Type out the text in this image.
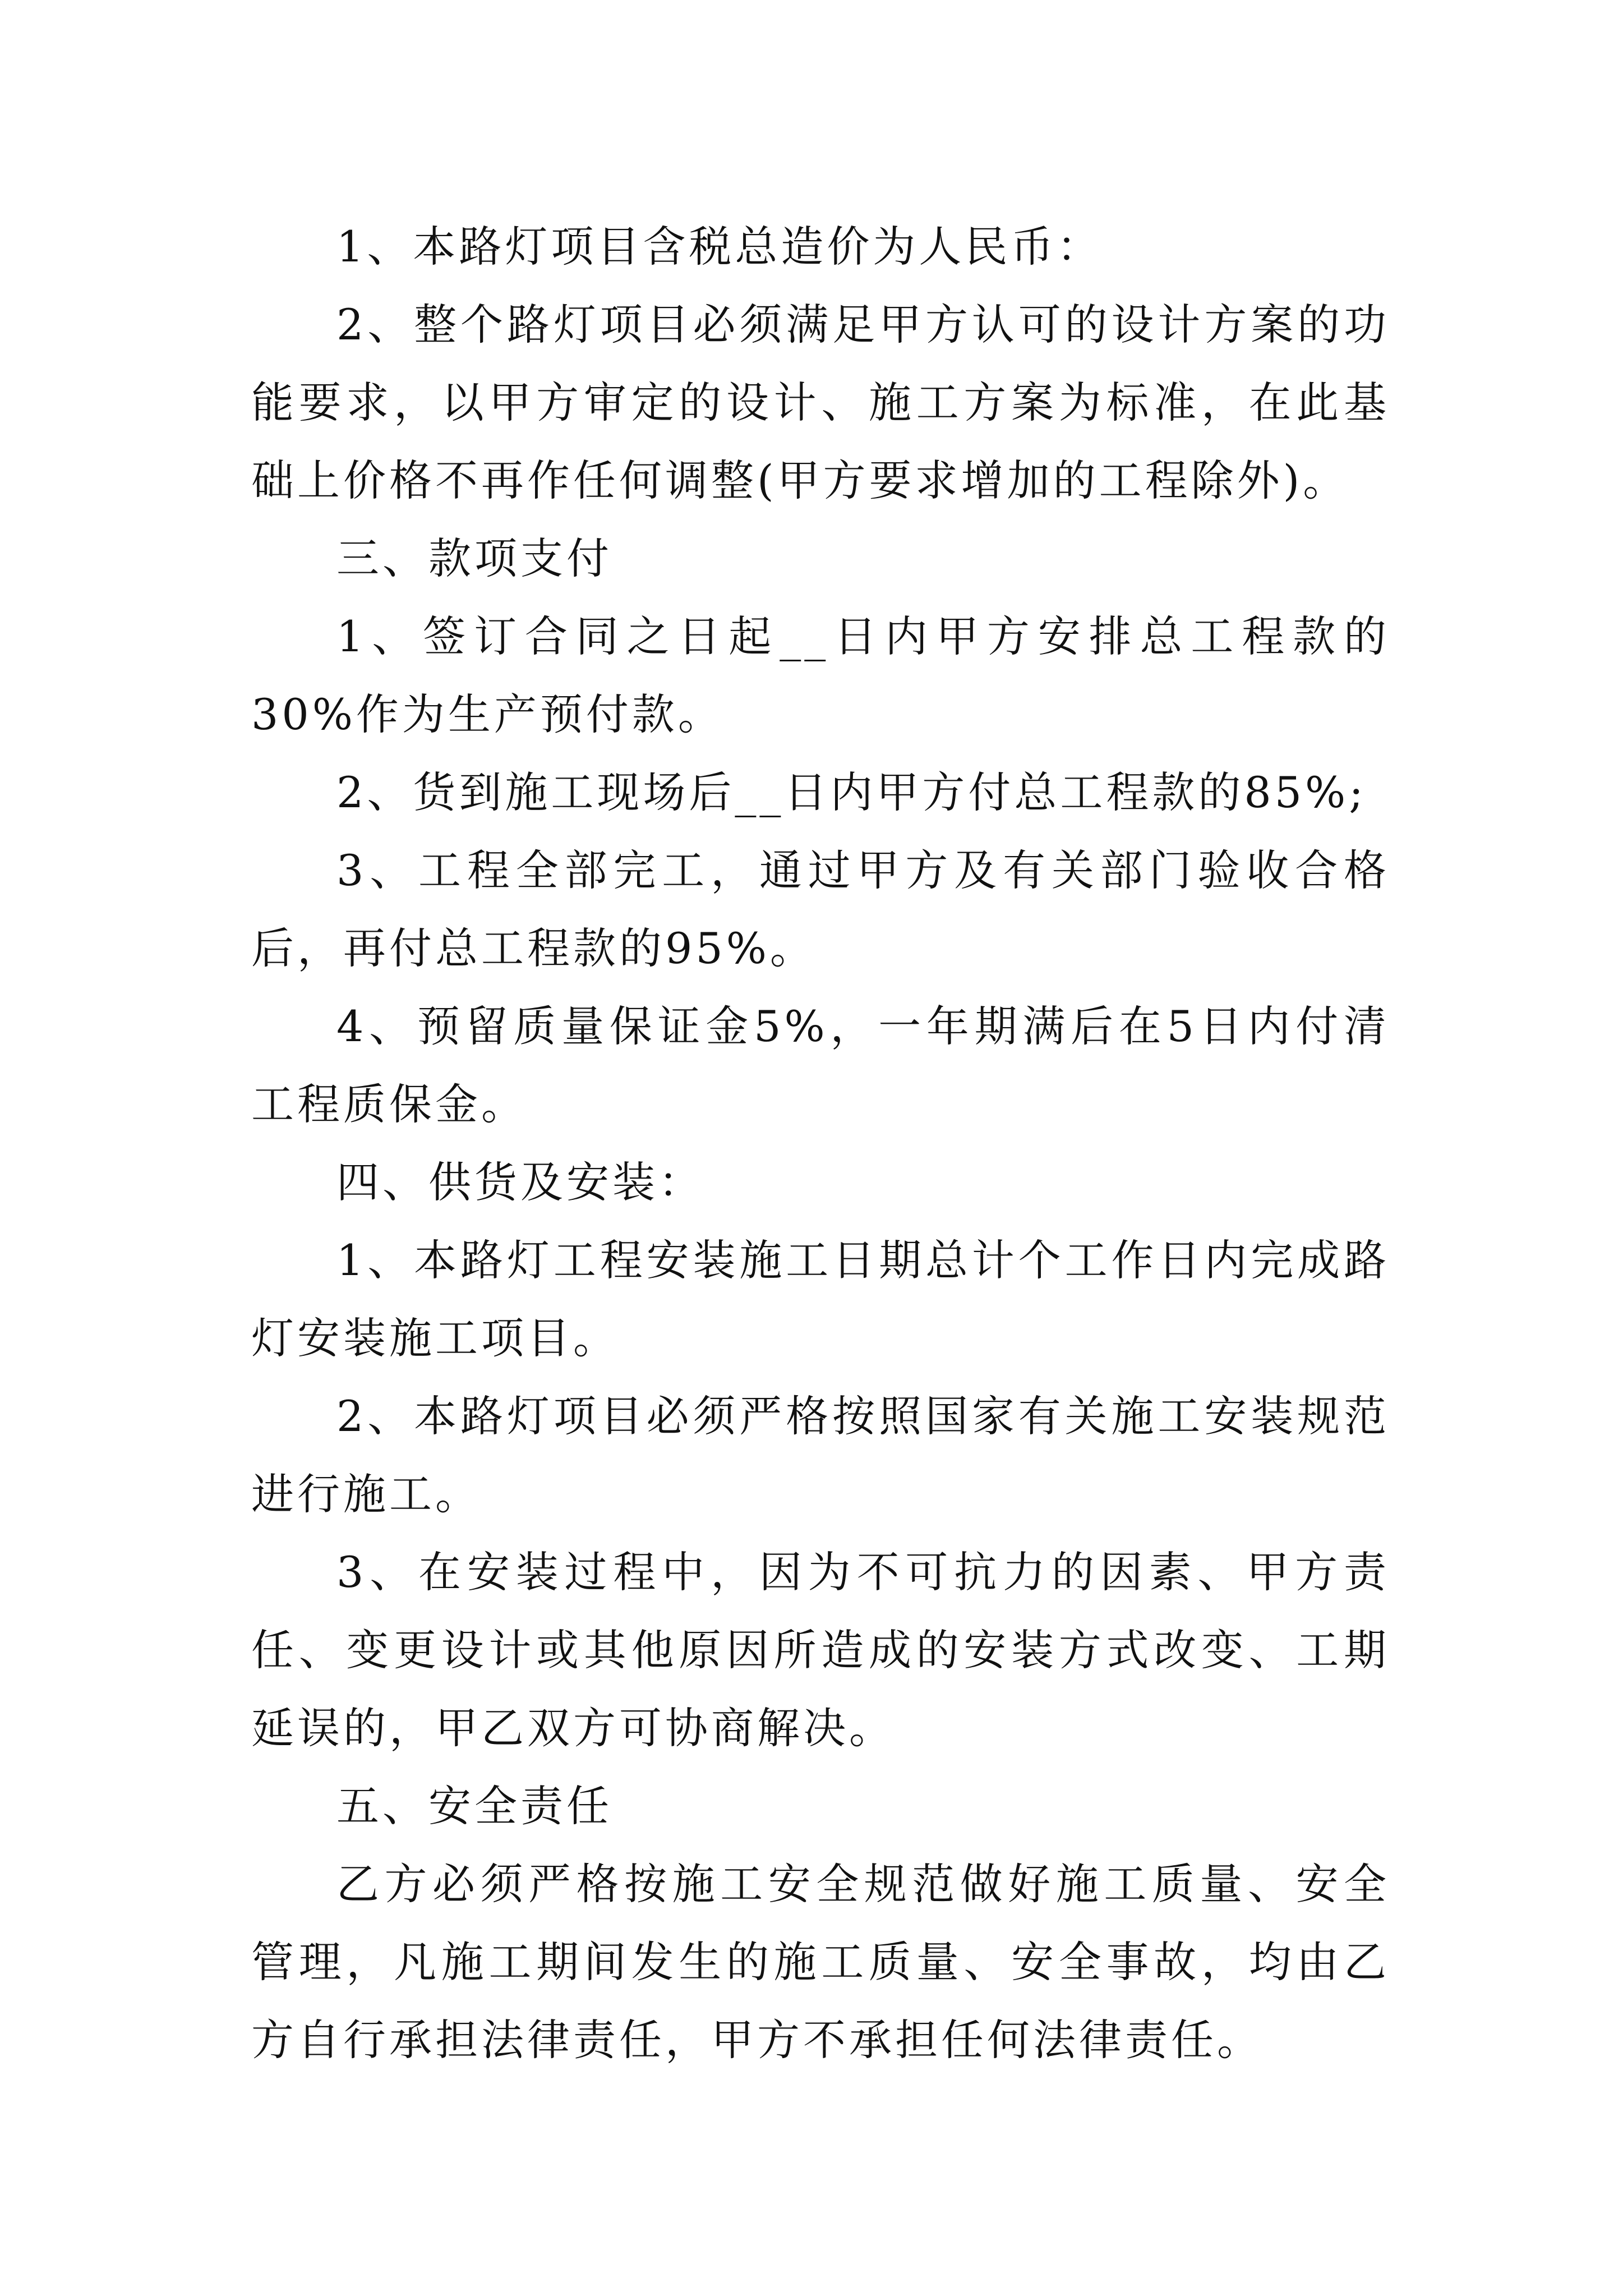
1、本路灯项目含税总造价为人民币：

2、整个路灯项目必须满足甲方认可的设计方案的功能要求，以甲方审定的设计、施工方案为标准，在此基础上价格不再作任何调整(甲方要求增加的工程除外)。

三、款项支付

1、签订合同之日起__日内甲方安排总工程款的30%作为生产预付款。

2、货到施工现场后__日内甲方付总工程款的85%;

3、工程全部完工，通过甲方及有关部门验收合格后，再付总工程款的95%。

4、预留质量保证金5%，一年期满后在5日内付清工程质保金。

四、供货及安装：

1、本路灯工程安装施工日期总计个工作日内完成路灯安装施工项目。

2、本路灯项目必须严格按照国家有关施工安装规范进行施工。

3、在安装过程中，因为不可抗力的因素、甲方责任、变更设计或其他原因所造成的安装方式改变、工期延误的，甲乙双方可协商解决。

五、安全责任

乙方必须严格按施工安全规范做好施工质量、安全管理，凡施工期间发生的施工质量、安全事故，均由乙方自行承担法律责任，甲方不承担任何法律责任。
